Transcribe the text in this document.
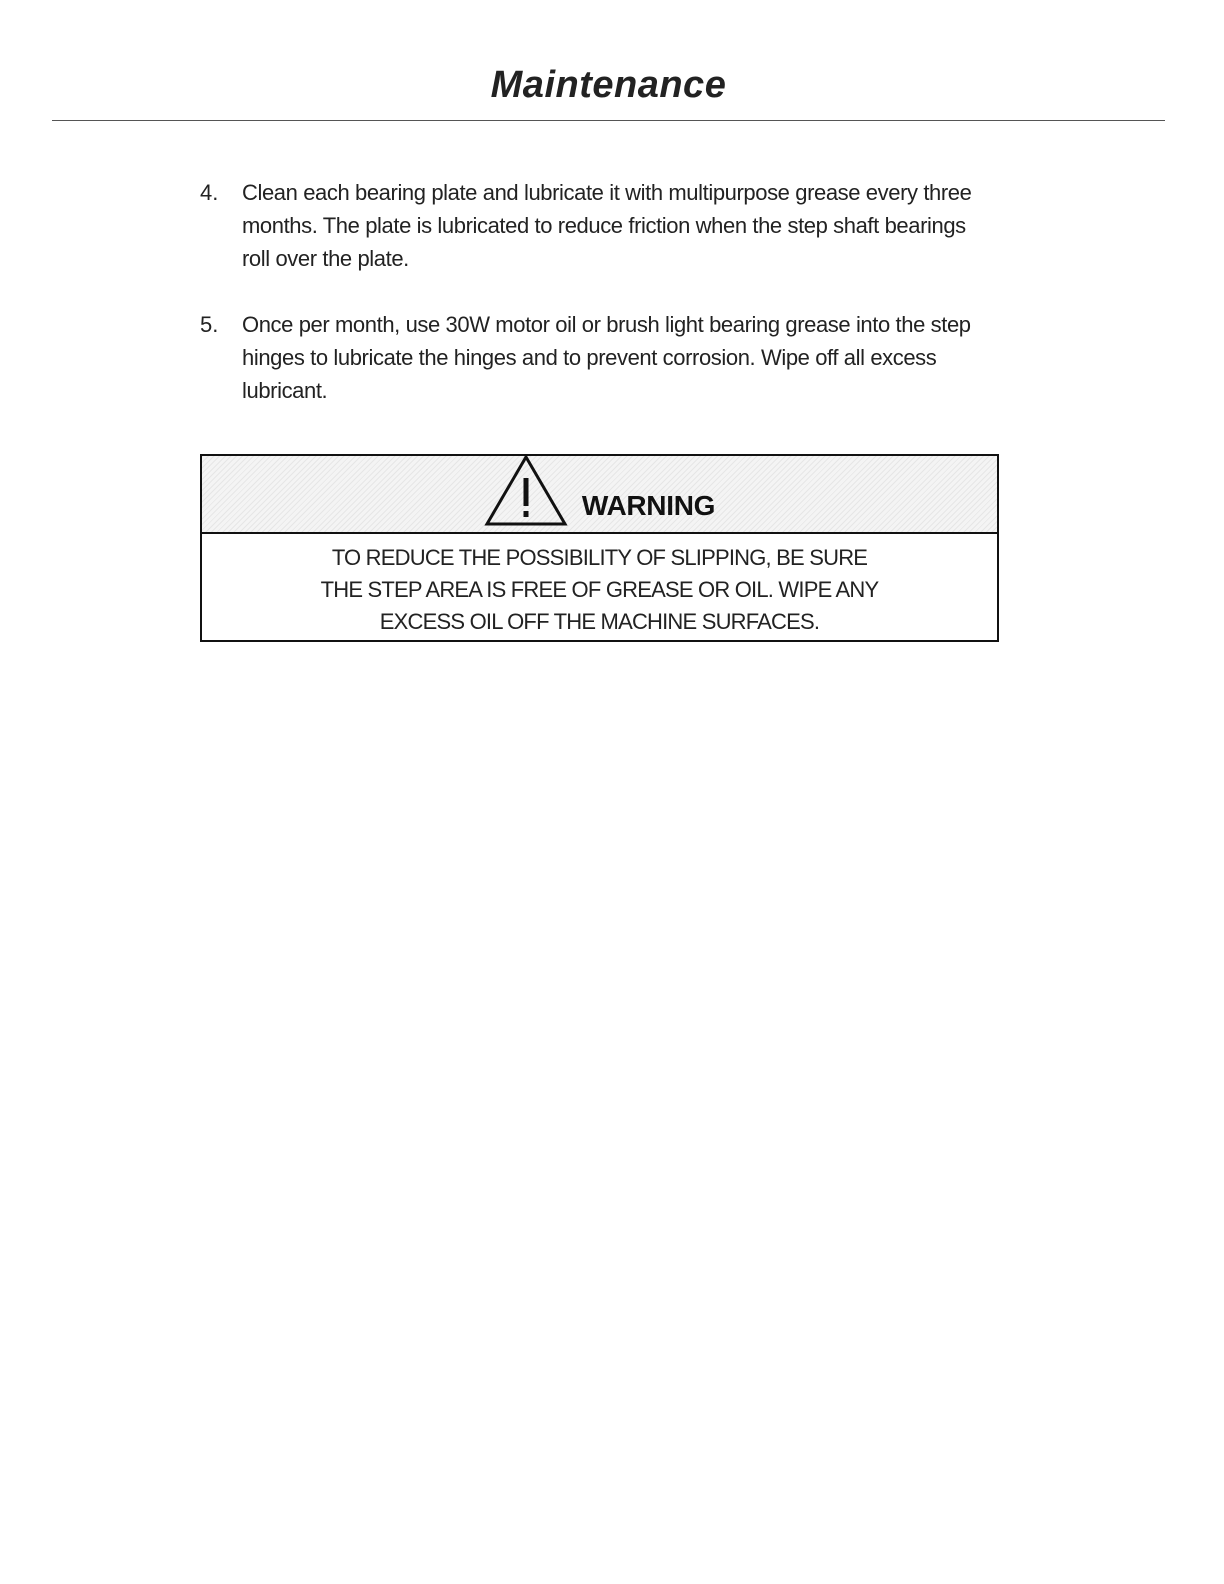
Maintenance
4.	Clean each bearing plate and lubricate it with multipurpose grease every three months. The plate is lubricated to reduce friction when the step shaft bearings roll over the plate.
5.	Once per month, use 30W motor oil or brush light bearing grease into the step hinges to lubricate the hinges and to prevent corrosion. Wipe off all excess lubricant.
WARNING
TO REDUCE THE POSSIBILITY OF SLIPPING, BE SURE
THE STEP AREA IS FREE OF GREASE OR OIL. WIPE ANY
EXCESS OIL OFF THE MACHINE SURFACES.
